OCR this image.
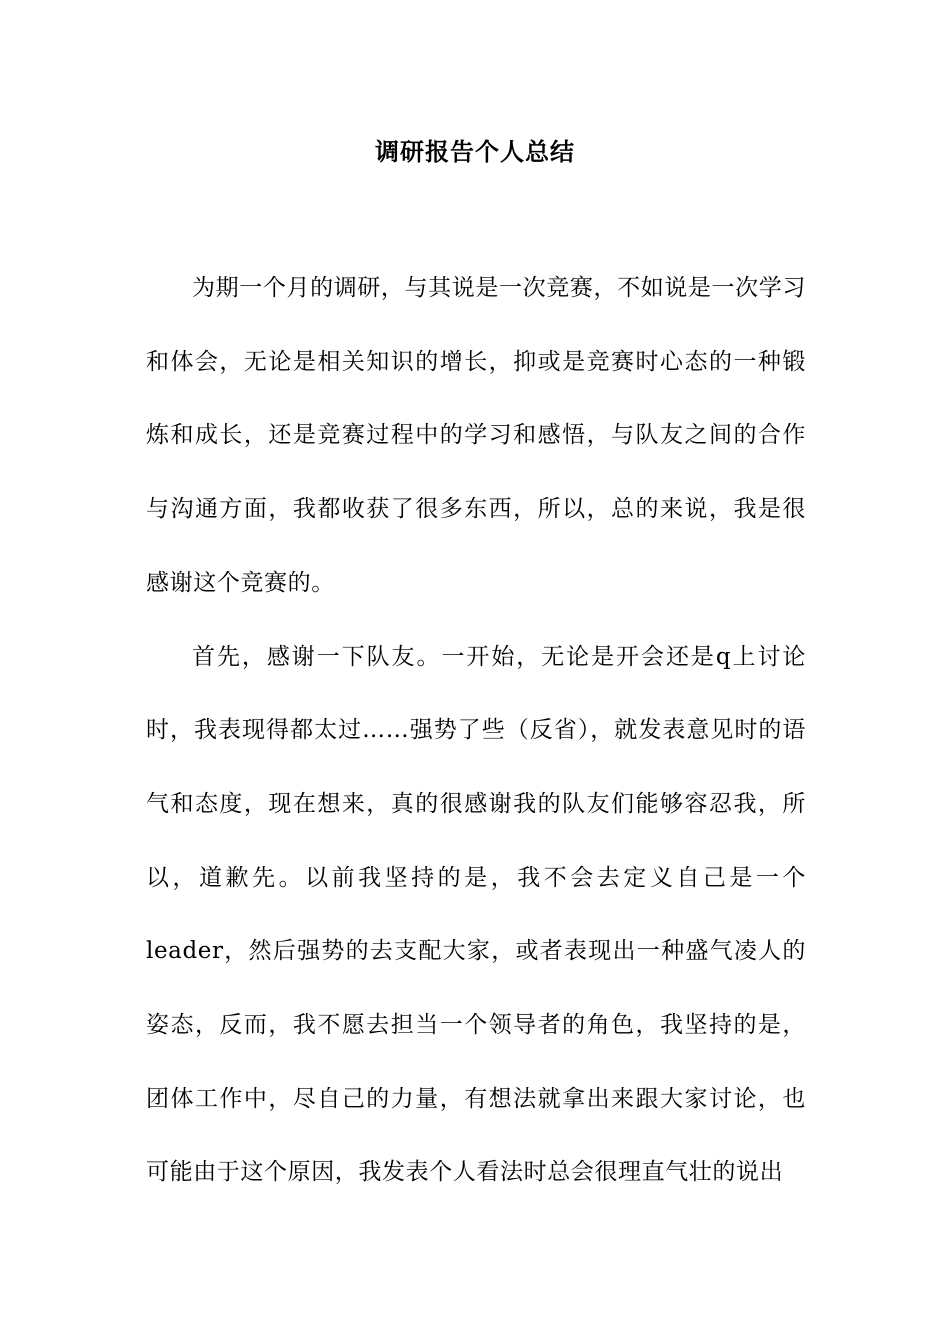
调研报告个人总结

为期一个月的调研，与其说是一次竞赛，不如说是一次学习和体会，无论是相关知识的增长，抑或是竞赛时心态的一种锻炼和成长，还是竞赛过程中的学习和感悟，与队友之间的合作与沟通方面，我都收获了很多东西，所以，总的来说，我是很感谢这个竞赛的。

首先，感谢一下队友。一开始，无论是开会还是q上讨论时，我表现得都太过……强势了些（反省），就发表意见时的语气和态度，现在想来，真的很感谢我的队友们能够容忍我，所以，道歉先。以前我坚持的是，我不会去定义自己是一个leader，然后强势的去支配大家，或者表现出一种盛气凌人的姿态，反而，我不愿去担当一个领导者的角色，我坚持的是，团体工作中，尽自己的力量，有想法就拿出来跟大家讨论，也可能由于这个原因，我发表个人看法时总会很理直气壮的说出
